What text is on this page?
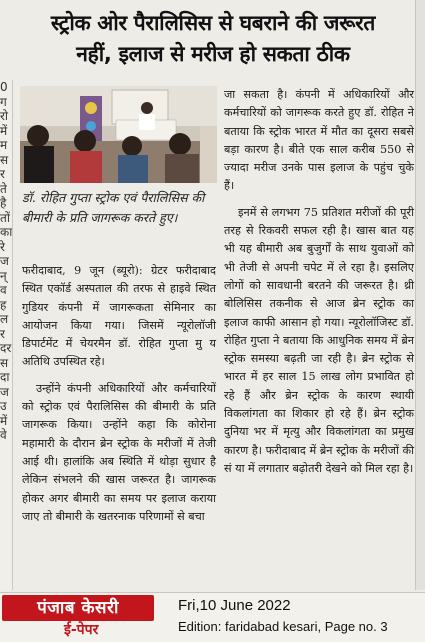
0
ग
रो
में
म
स
र
ते
है
तों
का
रे
ज
न्
व
ह
ल
र
दर
स
दा
ज
उ
में
वे
स्ट्रोक ओर पैरालिसिस से घबराने की जरूरत
नहीं, इलाज से मरीज हो सकता ठीक
डॉ. रोहित गुप्ता स्ट्रोक एवं पैरालिसिस की बीमारी के प्रति जागरूक करते हुए।

फरीदाबाद, 9 जून (ब्यूरो): ग्रेटर फरीदाबाद स्थित एकॉर्ड अस्पताल की तरफ से हाइवे स्थित गुडियर कंपनी में जागरूकता सेमिनार का आयोजन किया गया। जिसमें न्यूरोलॉजी डिपार्टमेंट में चेयरमैन डॉ. रोहित गुप्ता मु य अतिथि उपस्थित रहे।

उन्होंने कंपनी अधिकारियों और कर्मचारियों को स्ट्रोक एवं पैरालिसिस की बीमारी के प्रति जागरूक किया। उन्होंने कहा कि कोरोना महामारी के दौरान ब्रेन स्ट्रोक के मरीजों में तेजी आई थी। हालांकि अब स्थिति में थोड़ा सुधार है लेकिन संभलने की खास जरूरत है। जागरूक होकर अगर बीमारी का समय पर इलाज कराया जाए तो बीमारी के खतरनाक परिणामों से बचा

जा सकता है। कंपनी में अधिकारियों और कर्मचारियों को जागरूक करते हुए डॉ. रोहित ने बताया कि स्ट्रोक भारत में मौत का दूसरा सबसे बड़ा कारण है। बीते एक साल करीब 550 से ज्यादा मरीज उनके पास इलाज के पहुंच चुके हैं।

इनमें से लगभग 75 प्रतिशत मरीजों की पूरी तरह से रिकवरी सफल रही है। खास बात यह भी यह बीमारी अब बुजुर्गों के साथ युवाओं को भी तेजी से अपनी चपेट में ले रहा है। इसलिए लोगों को सावधानी बरतने की जरूरत है। थ्री बोलिसिस तकनीक से आज ब्रेन स्ट्रोक का इलाज काफी आसान हो गया। न्यूरोलॉजिस्ट डॉ. रोहित गुप्ता ने बताया कि आधुनिक समय में ब्रेन स्ट्रोक समस्या बढ़ती जा रही है। ब्रेन स्ट्रोक से भारत में हर साल 15 लाख लोग प्रभावित हो रहे हैं और ब्रेन स्ट्रोक के कारण स्थायी विकलांगता का शिकार हो रहे हैं। ब्रेन स्ट्रोक दुनिया भर में मृत्यु और विकलांगता का प्रमुख कारण है। फरीदाबाद में ब्रेन स्ट्रोक के मरीजों की सं या में लगातार बढ़ोतरी देखने को मिल रहा है।

पंजाब केसरी
ई-पेपर
Fri,10 June 2022
Edition: faridabad kesari, Page no. 3
